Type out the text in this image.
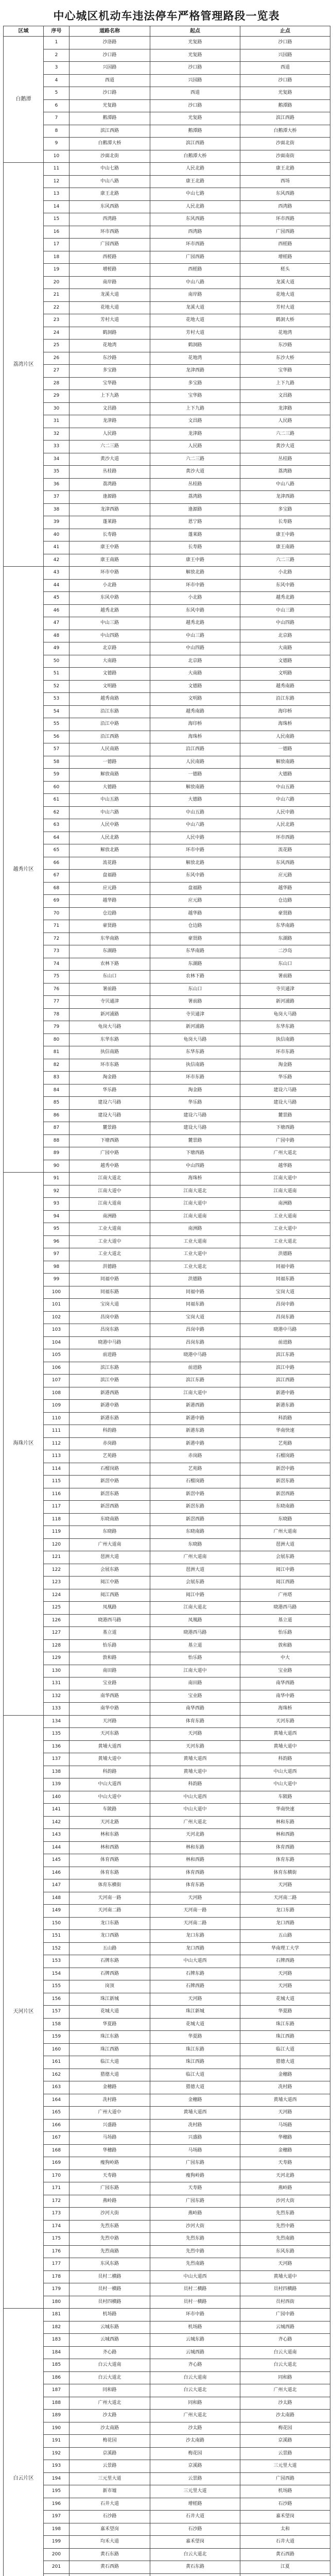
中心城区机动车违法停车严格管理路段一览表
区域	序号	道路名称	起点	止点
白鹅潭	1	沙洛路	光复路	沙口路
	2	沙口路	光复路	兴园路
	3	兴园路	沙口路	西道
	4	西道	兴园路	沙口路
	5	沙口路	西道	光复路
	6	光复路	沙口路	鹅潭路
	7	鹅潭路	光复路	滨江西路
	8	滨江西路	鹅潭路	白鹅潭大桥
	9	白鹅潭大桥	滨江西路	沙面北街
	10	沙面北街	白鹅潭大桥	沙面南街
荔湾片区	11	中山七路	人民北路	康王北路
	12	中山八路	康王北路	西场
	13	康王北路	中山七路	东风西路
	14	东风西路	人民北路	西湾路
	15	西湾路	东风西路	环市西路
	16	环市西路	西湾路	广园西路
	17	广园西路	环市西路	西槎路
	18	西槎路	广园西路	增槎路
	19	增槎路	西槎路	槎头
	20	南岸路	中山八路	龙溪大道
	21	龙溪大道	南岸路	花地大道
	22	花地大道	龙溪大道	芳村大道
	23	芳村大道	花地大道	鹤洞大桥
	24	鹤洞路	芳村大道	花地湾
	25	花地湾	鹤洞路	东沙路
	26	东沙路	花地湾	东沙大桥
	27	多宝路	龙津西路	宝华路
	28	宝华路	多宝路	上下九路
	29	上下九路	宝华路	文昌路
	30	文昌路	上下九路	龙津路
	31	龙津路	文昌路	人民路
	32	人民路	龙津路	六二三路
	33	六二三路	人民路	黄沙大道
	34	黄沙大道	六二三路	丛桂路
	35	丛桂路	黄沙大道	荔湾路
	36	荔湾路	丛桂路	中山八路
	37	逢源路	荔湾路	龙津西路
	38	龙津西路	逢源路	多宝路
	39	蓬莱路	恩宁路	长寿路
	40	长寿路	蓬莱路	康王中路
	41	康王中路	长寿路	康王南路
	42	康王南路	康王中路	六二三路
越秀片区	43	环市中路	解放北路	小北路
	44	小北路	环市中路	东风中路
	45	东风中路	小北路	越秀北路
	46	越秀北路	东风中路	中山三路
	47	中山三路	越秀北路	中山四路
	48	中山四路	中山三路	北京路
	49	北京路	中山四路	大南路
	50	大南路	北京路	文德路
	51	文德路	大南路	文明路
	52	文明路	文德路	越秀南路
	53	越秀南路	文明路	沿江东路
	54	沿江东路	越秀南路	海印桥
	55	沿江中路	海印桥	海珠桥
	56	沿江西路	海珠桥	人民南路
	57	人民南路	沿江西路	一德路
	58	一德路	人民南路	解放南路
	59	解放南路	一德路	大德路
	60	大德路	解放南路	中山五路
	61	中山五路	大德路	中山六路
	62	中山六路	中山五路	人民中路
	63	人民中路	中山六路	人民北路
	64	人民北路	人民中路	环市西路
	65	解放北路	环市中路	流花路
	66	流花路	解放北路	东风西路
	67	盘福路	东风中路	应元路
	68	应元路	盘福路	越华路
	69	越华路	应元路	仓边路
	70	仓边路	越华路	豪贤路
	71	豪贤路	仓边路	东华南路
	72	东华南路	豪贤路	东湖路
	73	东湖路	东华南路	二沙岛
	74	农林下路	东湖路	东山口
	75	东山口	农林下路	署前路
	76	署前路	东山口	寺贝通津
	77	寺贝通津	署前路	新河浦路
	78	新河浦路	寺贝通津	龟岗大马路
	79	龟岗大马路	新河浦路	东华东路
	80	东华东路	龟岗大马路	执信南路
	81	执信南路	东华东路	环市东路
	82	环市东路	执信南路	淘金路
	83	淘金路	环市东路	华乐路
	84	华乐路	淘金路	建设六马路
	85	建设六马路	华乐路	建设大马路
	86	建设大马路	建设六马路	麓景路
	87	麓景路	建设大马路	下塘西路
	88	下塘西路	麓景路	广园中路
	89	广园中路	下塘西路	广州大道北
	90	越秀中路	中山四路	越华路
海珠片区	91	江南大道北	海珠桥	江南大道中
	92	江南大道中	江南大道北	江南大道南
	93	江南大道南	江南大道中	南洲路
	94	南洲路	江南大道南	工业大道南
	95	工业大道南	南洲路	工业大道中
	96	工业大道中	工业大道南	工业大道北
	97	工业大道北	工业大道中	洪德路
	98	洪德路	工业大道北	同福中路
	99	同福中路	洪德路	同福东路
	100	同福东路	同福中路	宝岗大道
	101	宝岗大道	同福东路	昌岗中路
	102	昌岗中路	宝岗大道	昌岗东路
	103	昌岗东路	昌岗中路	晓港中马路
	104	晓港中马路	昌岗东路	前进路
	105	前进路	晓港中马路	滨江东路
	106	滨江东路	前进路	滨江中路
	107	滨江中路	滨江东路	滨江西路
	108	新港西路	江南大道中	新港中路
	109	新港中路	新港西路	新港东路
	110	新港东路	新港中路	科韵路
	111	科韵路	新港东路	华南快速
	112	赤岗路	新港中路	艺苑路
	113	艺苑路	赤岗路	石榴岗路
	114	石榴岗路	艺苑路	新滘中路
	115	新滘中路	石榴岗路	新滘东路
	116	新滘东路	新滘中路	新滘西路
	117	新滘西路	新滘东路	东晓南路
	118	东晓南路	新滘西路	东晓路
	119	东晓路	东晓南路	广州大道南
	120	广州大道南	东晓路	琶洲大道
	121	琶洲大道	广州大道南	会展东路
	122	会展东路	琶洲大道	阅江中路
	123	阅江中路	会展东路	阅江西路
	124	阅江西路	阅江中路	广州塔
	125	凤凰路	江南大道北	晓港西马路
	126	晓港西马路	凤凰路	基立道
	127	基立道	晓港西马路	怡乐路
	128	怡乐路	基立道	敦和路
	129	敦和路	怡乐路	中大
	130	南田路	江南大道中	宝业路
	131	宝业路	南田路	南华西路
	132	南华西路	宝业路	南华中路
	133	南华中路	南华西路	海珠桥
天河片区	134	天河路	体育东路	天河东路
	135	天河东路	天河路	黄埔大道西
	136	黄埔大道西	天河东路	黄埔大道中
	137	黄埔大道中	黄埔大道西	科韵路
	138	科韵路	黄埔大道中	中山大道西
	139	中山大道西	科韵路	中山大道中
	140	中山大道中	中山大道西	车陂路
	141	车陂路	中山大道中	华南快速
	142	天河北路	广州大道北	林和东路
	143	林和东路	天河北路	林和西路
	144	林和西路	林和东路	体育西路
	145	体育西路	林和西路	体育东路
	146	体育东路	体育西路	体育东横街
	147	体育东横街	体育东路	天河路
	148	天河南一路	天河路	天河南二路
	149	天河南二路	天河南一路	龙口东路
	150	龙口东路	天河南二路	龙口西路
	151	龙口西路	龙口东路	五山路
	152	五山路	龙口西路	华南理工大学
	153	石牌东路	中山大道西	石牌西路
	154	石牌西路	石牌东路	天河路
	155	岗顶	石牌西路	天河路
	156	珠江新城	天河路	花城大道
	157	花城大道	珠江新城	华夏路
	158	华夏路	花城大道	珠江东路
	159	珠江东路	华夏路	珠江西路
	160	珠江西路	珠江东路	临江大道
	161	临江大道	珠江西路	猎德大道
	162	猎德大道	临江大道	金穗路
	163	金穗路	猎德大道	冼村路
	164	冼村路	金穗路	黄埔大道西
	165	广州大道中	黄埔大道西	天河路
	166	兴盛路	冼村路	马场路
	167	马场路	兴盛路	华穗路
	168	华穗路	马场路	金穗路
	169	瘦狗岭路	广园东路	天寿路
	170	天寿路	瘦狗岭路	天河北路
	171	广园东路	天寿路	燕岭路
	172	燕岭路	广园东路	沙河大街
	173	沙河大街	燕岭路	先烈东路
	174	先烈东路	沙河大街	先烈中路
	175	先烈中路	先烈东路	先烈南路
	176	先烈南路	先烈中路	东风东路
	177	东风东路	先烈南路	天河路
	178	员村二横路	中山大道西	黄埔大道中
	179	员村一横路	员村二横路	员村四横路
	180	员村四横路	员村一横路	员村西街
白云片区	181	机场路	环市中路	广园中路
	182	云城东路	机场路	云城西路
	183	云城西路	云城东路	齐心路
	184	齐心路	云城西路	白云大道南
	185	白云大道南	齐心路	白云大道北
	186	白云大道北	白云大道南	同和路
	187	同和路	白云大道北	广州大道北
	188	广州大道北	同和路	沙太路
	189	沙太路	广州大道北	沙太南路
	190	沙太南路	沙太路	梅花园
	191	梅花园	沙太南路	京溪路
	192	京溪路	梅花园	云景路
	193	云景路	京溪路	三元里大道
	194	三元里大道	云景路	广园西路
	195	新市墟	三元里大道	机场路
	196	石井大道	增槎路	石沙路
	197	石沙路	石井大道	嘉禾望岗
	198	嘉禾望岗	石沙路	太和
	199	均禾大道	嘉禾望岗	石井大道
	200	黄石东路	白云大道北	黄石西路
	201	黄石西路	黄石东路	江夏
